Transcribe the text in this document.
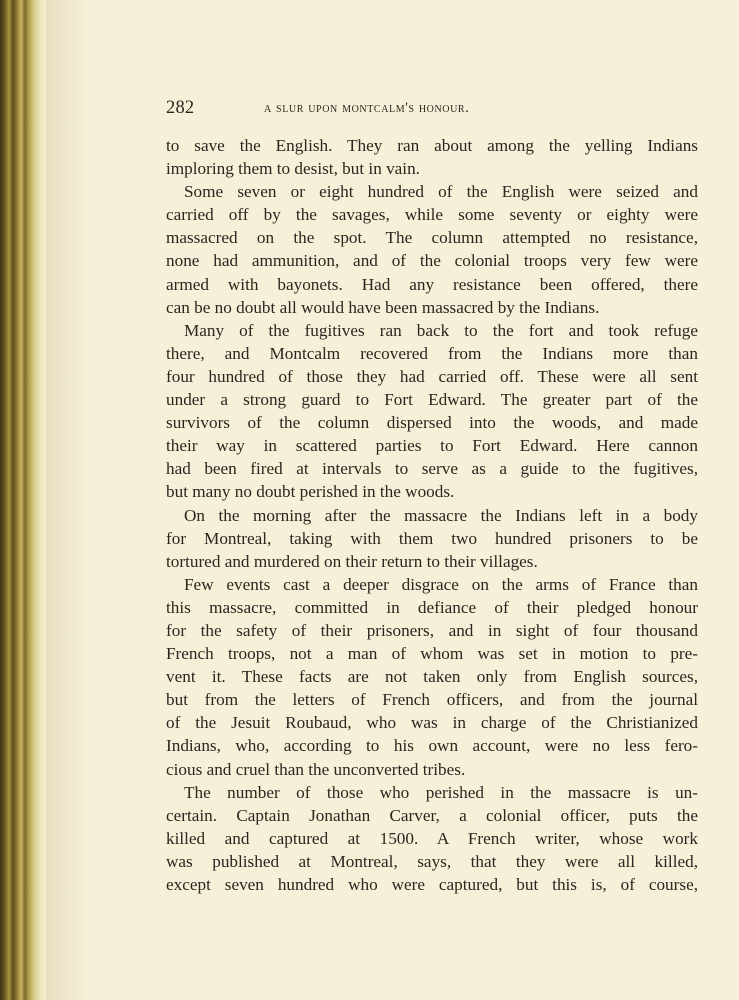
282	a slur upon montcalm's honour.
to save the English. They ran about among the yelling Indians
imploring them to desist, but in vain.
Some seven or eight hundred of the English were seized and
carried off by the savages, while some seventy or eighty were
massacred on the spot. The column attempted no resistance,
none had ammunition, and of the colonial troops very few were
armed with bayonets. Had any resistance been offered, there
can be no doubt all would have been massacred by the Indians.
Many of the fugitives ran back to the fort and took refuge
there, and Montcalm recovered from the Indians more than
four hundred of those they had carried off. These were all sent
under a strong guard to Fort Edward. The greater part of the
survivors of the column dispersed into the woods, and made
their way in scattered parties to Fort Edward. Here cannon
had been fired at intervals to serve as a guide to the fugitives,
but many no doubt perished in the woods.
On the morning after the massacre the Indians left in a body
for Montreal, taking with them two hundred prisoners to be
tortured and murdered on their return to their villages.
Few events cast a deeper disgrace on the arms of France than
this massacre, committed in defiance of their pledged honour
for the safety of their prisoners, and in sight of four thousand
French troops, not a man of whom was set in motion to pre-
vent it. These facts are not taken only from English sources,
but from the letters of French officers, and from the journal
of the Jesuit Roubaud, who was in charge of the Christianized
Indians, who, according to his own account, were no less fero-
cious and cruel than the unconverted tribes.
The number of those who perished in the massacre is un-
certain. Captain Jonathan Carver, a colonial officer, puts the
killed and captured at 1500. A French writer, whose work
was published at Montreal, says, that they were all killed,
except seven hundred who were captured, but this is, of course,
